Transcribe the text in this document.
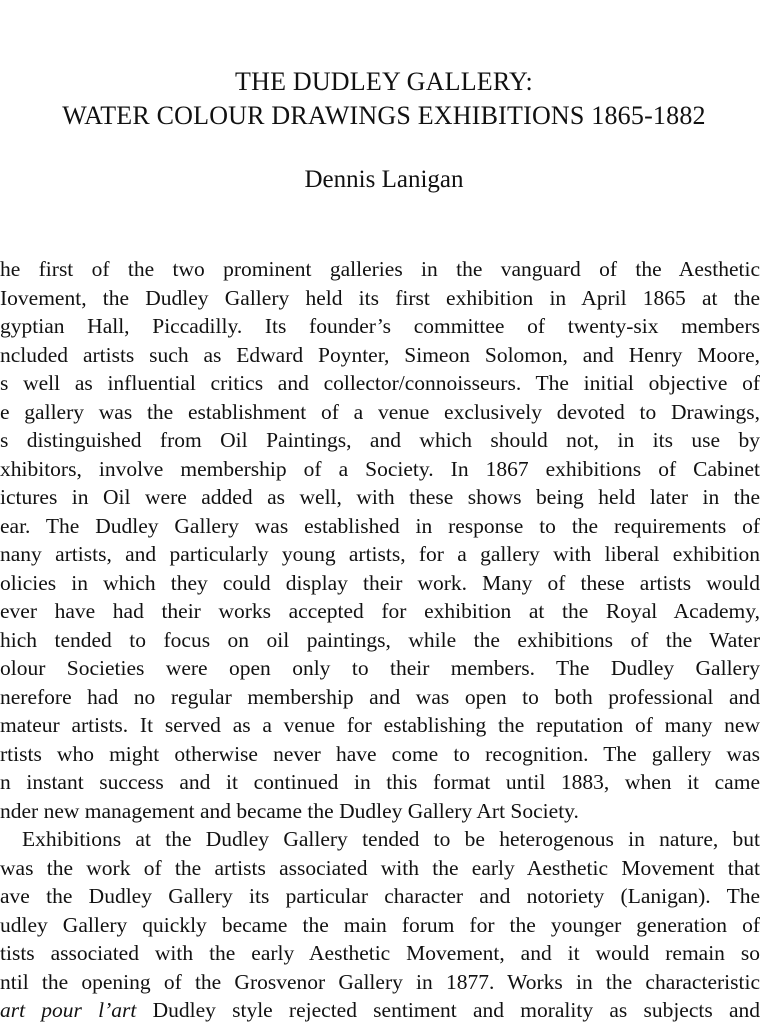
THE DUDLEY GALLERY:
WATER COLOUR DRAWINGS EXHIBITIONS 1865-1882
Dennis Lanigan
he first of the two prominent galleries in the vanguard of the Aesthetic
Iovement, the Dudley Gallery held its first exhibition in April 1865 at the
gyptian Hall, Piccadilly. Its founder’s committee of twenty-six members
ncluded artists such as Edward Poynter, Simeon Solomon, and Henry Moore,
s well as influential critics and collector/connoisseurs. The initial objective of
e gallery was the establishment of a venue exclusively devoted to Drawings,
s distinguished from Oil Paintings, and which should not, in its use by
xhibitors, involve membership of a Society. In 1867 exhibitions of Cabinet
ictures in Oil were added as well, with these shows being held later in the
ear. The Dudley Gallery was established in response to the requirements of
nany artists, and particularly young artists, for a gallery with liberal exhibition
olicies in which they could display their work. Many of these artists would
ever have had their works accepted for exhibition at the Royal Academy,
hich tended to focus on oil paintings, while the exhibitions of the Water
olour Societies were open only to their members. The Dudley Gallery
nerefore had no regular membership and was open to both professional and
mateur artists. It served as a venue for establishing the reputation of many new
rtists who might otherwise never have come to recognition. The gallery was
n instant success and it continued in this format until 1883, when it came
nder new management and became the Dudley Gallery Art Society.
Exhibitions at the Dudley Gallery tended to be heterogenous in nature, but
was the work of the artists associated with the early Aesthetic Movement that
ave the Dudley Gallery its particular character and notoriety (Lanigan). The
udley Gallery quickly became the main forum for the younger generation of
tists associated with the early Aesthetic Movement, and it would remain so
ntil the opening of the Grosvenor Gallery in 1877. Works in the characteristic
art pour l’art Dudley style rejected sentiment and morality as subjects and
